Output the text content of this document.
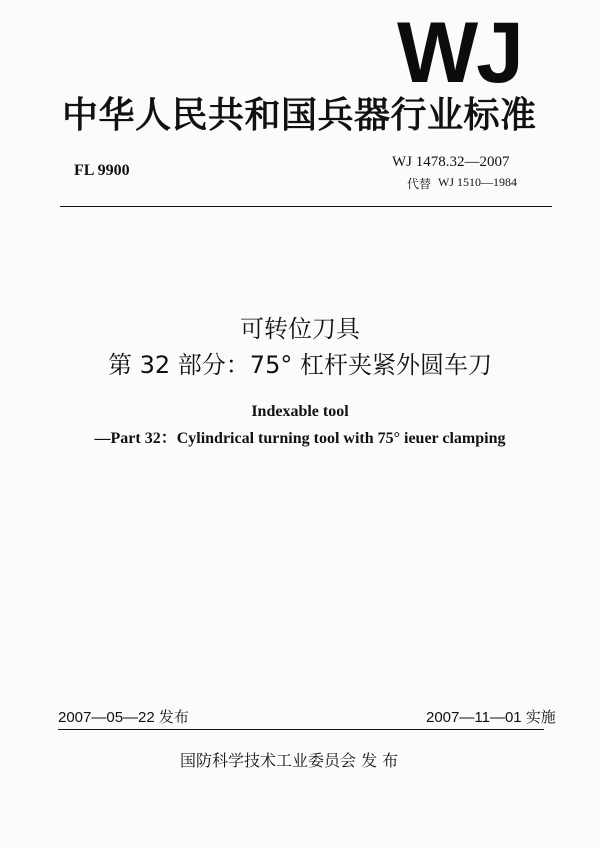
WJ
中华人民共和国兵器行业标准
FL 9900	WJ 1478.32—2007
代替 WJ 1510—1984
可转位刀具
第 32 部分：75° 杠杆夹紧外圆车刀
Indexable tool
—Part 32：Cylindrical turning tool with 75° ieuer clamping
2007—05—22 发布	2007—11—01 实施
国防科学技术工业委员会 发 布
